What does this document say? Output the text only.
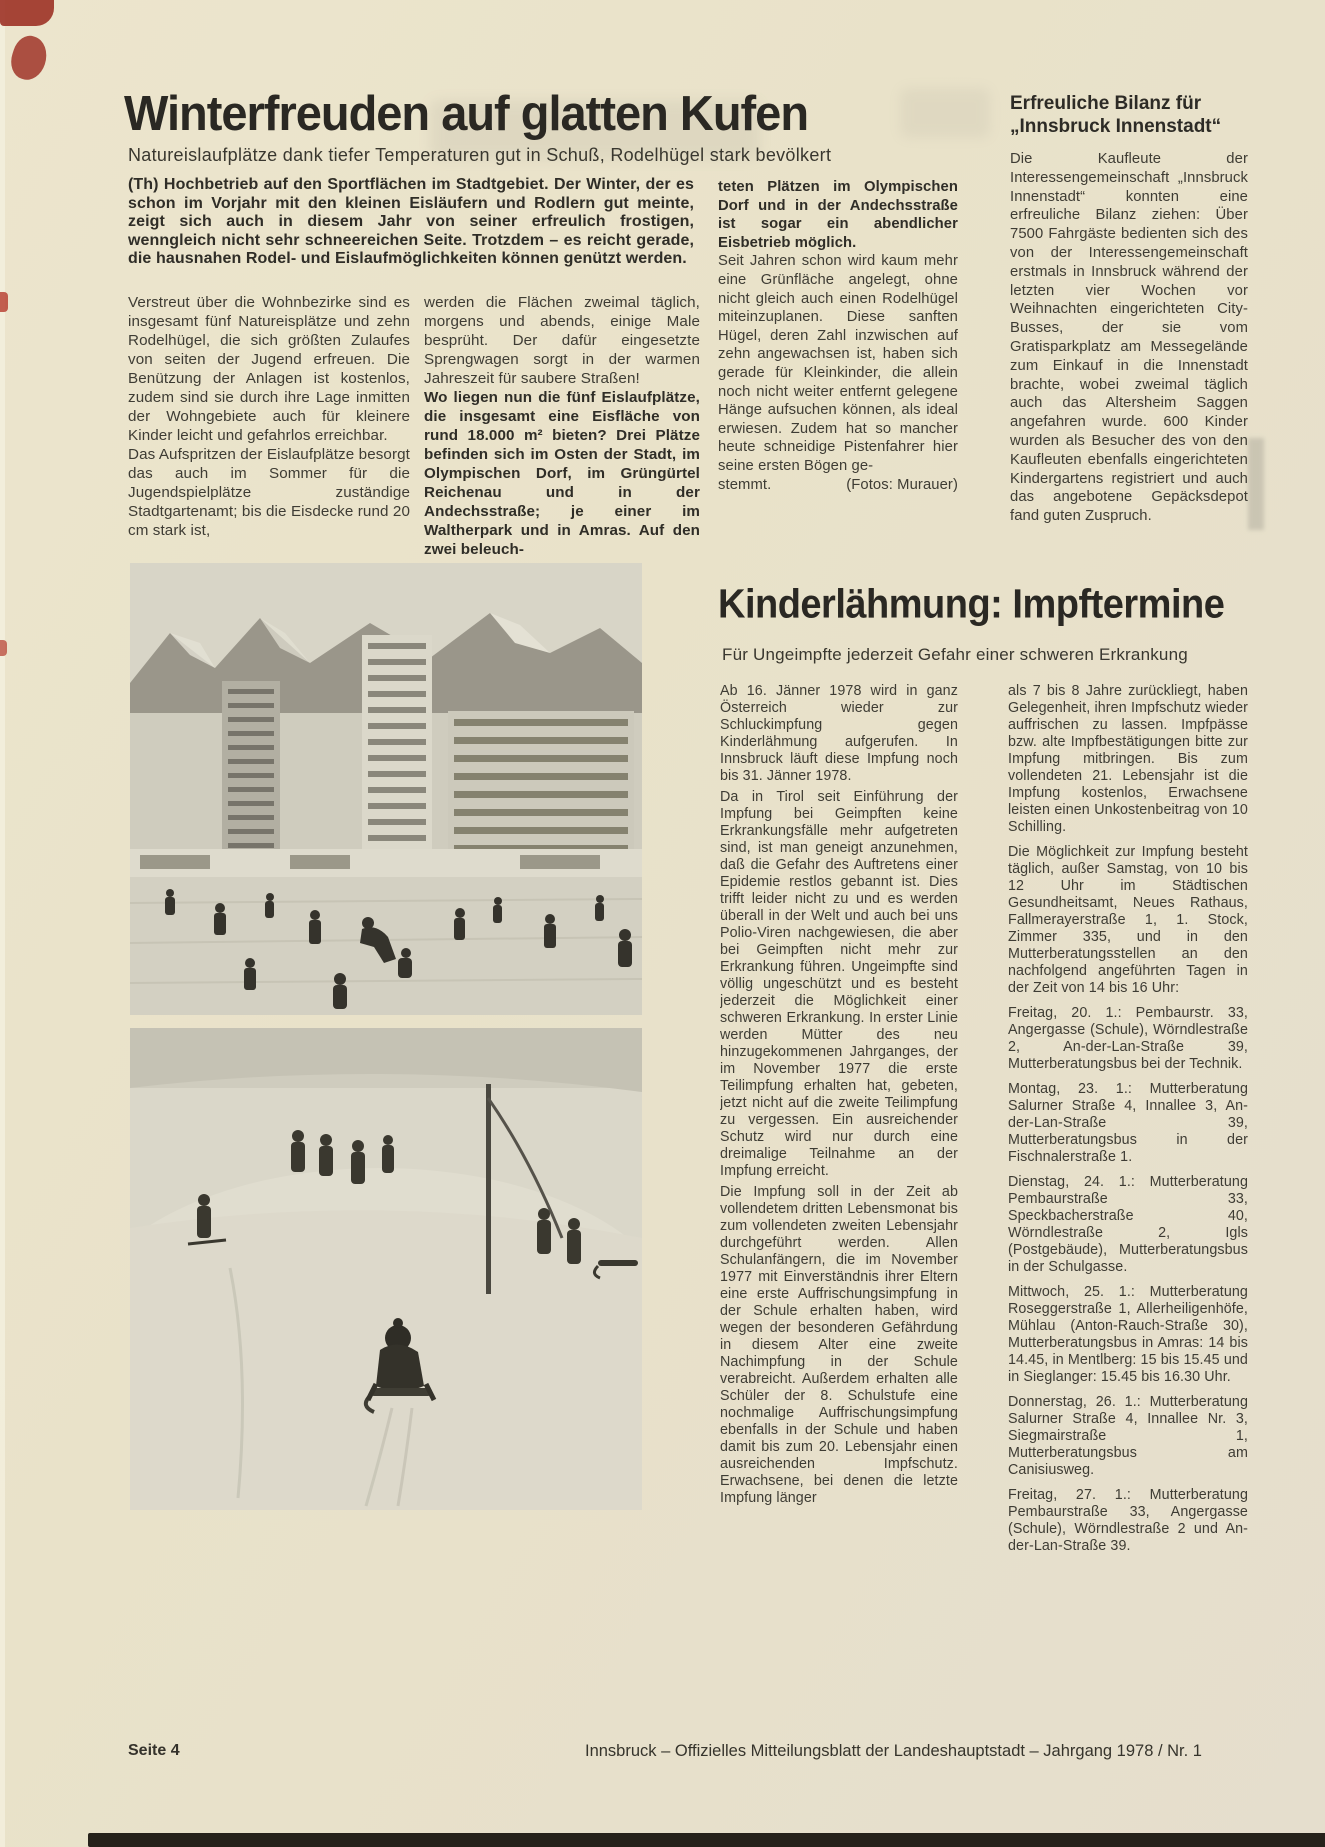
Winterfreuden auf glatten Kufen
Natureislaufplätze dank tiefer Temperaturen gut in Schuß, Rodelhügel stark bevölkert
(Th) Hochbetrieb auf den Sportflächen im Stadtgebiet. Der Winter, der es schon im Vorjahr mit den kleinen Eisläufern und Rodlern gut meinte, zeigt sich auch in diesem Jahr von seiner erfreulich frostigen, wenngleich nicht sehr schneereichen Seite. Trotzdem – es reicht gerade, die hausnahen Rodel- und Eislaufmöglichkeiten können genützt werden.

Verstreut über die Wohnbezirke sind es insgesamt fünf Natureisplätze und zehn Rodelhügel, die sich größten Zulaufes von seiten der Jugend erfreuen. Die Benützung der Anlagen ist kostenlos, zudem sind sie durch ihre Lage inmitten der Wohngebiete auch für kleinere Kinder leicht und gefahrlos erreichbar.

Das Aufspritzen der Eislaufplätze besorgt das auch im Sommer für die Jugendspielplätze zuständige Stadtgartenamt; bis die Eisdecke rund 20 cm stark ist,

werden die Flächen zweimal täglich, morgens und abends, einige Male besprüht. Der dafür eingesetzte Sprengwagen sorgt in der warmen Jahreszeit für saubere Straßen!

Wo liegen nun die fünf Eislaufplätze, die insgesamt eine Eisfläche von rund 18.000 m² bieten? Drei Plätze befinden sich im Osten der Stadt, im Olympischen Dorf, im Grüngürtel Reichenau und in der Andechsstraße; je einer im Waltherpark und in Amras. Auf den zwei beleuch-

teten Plätzen im Olympischen Dorf und in der Andechsstraße ist sogar ein abendlicher Eisbetrieb möglich.

Seit Jahren schon wird kaum mehr eine Grünfläche angelegt, ohne nicht gleich auch einen Rodelhügel miteinzuplanen. Diese sanften Hügel, deren Zahl inzwischen auf zehn angewachsen ist, haben sich gerade für Kleinkinder, die allein noch nicht weiter entfernt gelegene Hänge aufsuchen können, als ideal erwiesen. Zudem hat so mancher heute schneidige Pistenfahrer hier seine ersten Bögen ge-

stemmt.	(Fotos: Murauer)
Erfreuliche Bilanz für
„Innsbruck Innenstadt“

Die Kaufleute der Interessengemeinschaft „Innsbruck Innenstadt“ konnten eine erfreuliche Bilanz ziehen: Über 7500 Fahrgäste bedienten sich des von der Interessengemeinschaft erstmals in Innsbruck während der letzten vier Wochen vor Weihnachten eingerichteten City-Busses, der sie vom Gratisparkplatz am Messegelände zum Einkauf in die Innenstadt brachte, wobei zweimal täglich auch das Altersheim Saggen angefahren wurde. 600 Kinder wurden als Besucher des von den Kaufleuten ebenfalls eingerichteten Kindergartens registriert und auch das angebotene Gepäcksdepot fand guten Zuspruch.

Kinderlähmung: Impftermine
Für Ungeimpfte jederzeit Gefahr einer schweren Erkrankung

Ab 16. Jänner 1978 wird in ganz Österreich wieder zur Schluckimpfung gegen Kinderlähmung aufgerufen. In Innsbruck läuft diese Impfung noch bis 31. Jänner 1978.

Da in Tirol seit Einführung der Impfung bei Geimpften keine Erkrankungsfälle mehr aufgetreten sind, ist man geneigt anzunehmen, daß die Gefahr des Auftretens einer Epidemie restlos gebannt ist. Dies trifft leider nicht zu und es werden überall in der Welt und auch bei uns Polio-Viren nachgewiesen, die aber bei Geimpften nicht mehr zur Erkrankung führen. Ungeimpfte sind völlig ungeschützt und es besteht jederzeit die Möglichkeit einer schweren Erkrankung. In erster Linie werden Mütter des neu hinzugekommenen Jahrganges, der im November 1977 die erste Teilimpfung erhalten hat, gebeten, jetzt nicht auf die zweite Teilimpfung zu vergessen. Ein ausreichender Schutz wird nur durch eine dreimalige Teilnahme an der Impfung erreicht.

Die Impfung soll in der Zeit ab vollendetem dritten Lebensmonat bis zum vollendeten zweiten Lebensjahr durchgeführt werden. Allen Schulanfängern, die im November 1977 mit Einverständnis ihrer Eltern eine erste Auffrischungsimpfung in der Schule erhalten haben, wird wegen der besonderen Gefährdung in diesem Alter eine zweite Nachimpfung in der Schule verabreicht. Außerdem erhalten alle Schüler der 8. Schulstufe eine nochmalige Auffrischungsimpfung ebenfalls in der Schule und haben damit bis zum 20. Lebensjahr einen ausreichenden Impfschutz. Erwachsene, bei denen die letzte Impfung länger

als 7 bis 8 Jahre zurückliegt, haben Gelegenheit, ihren Impfschutz wieder auffrischen zu lassen. Impfpässe bzw. alte Impfbestätigungen bitte zur Impfung mitbringen. Bis zum vollendeten 21. Lebensjahr ist die Impfung kostenlos, Erwachsene leisten einen Unkostenbeitrag von 10 Schilling.

Die Möglichkeit zur Impfung besteht täglich, außer Samstag, von 10 bis 12 Uhr im Städtischen Gesundheitsamt, Neues Rathaus, Fallmerayerstraße 1, 1. Stock, Zimmer 335, und in den Mutterberatungsstellen an den nachfolgend angeführten Tagen in der Zeit von 14 bis 16 Uhr:

Freitag, 20. 1.: Pembaurstr. 33, Angergasse (Schule), Wörndlestraße 2, An-der-Lan-Straße 39, Mutterberatungsbus bei der Technik.

Montag, 23. 1.: Mutterberatung Salurner Straße 4, Innallee 3, An-der-Lan-Straße 39, Mutterberatungsbus in der Fischnalerstraße 1.

Dienstag, 24. 1.: Mutterberatung Pembaurstraße 33, Speckbacherstraße 40, Wörndlestraße 2, Igls (Postgebäude), Mutterberatungsbus in der Schulgasse.

Mittwoch, 25. 1.: Mutterberatung Roseggerstraße 1, Allerheiligenhöfe, Mühlau (Anton-Rauch-Straße 30), Mutterberatungsbus in Amras: 14 bis 14.45, in Mentlberg: 15 bis 15.45 und in Sieglanger: 15.45 bis 16.30 Uhr.

Donnerstag, 26. 1.: Mutterberatung Salurner Straße 4, Innallee Nr. 3, Siegmairstraße 1, Mutterberatungsbus am Canisiusweg.

Freitag, 27. 1.: Mutterberatung Pembaurstraße 33, Angergasse (Schule), Wörndlestraße 2 und An-der-Lan-Straße 39.

Seite 4	Innsbruck – Offizielles Mitteilungsblatt der Landeshauptstadt – Jahrgang 1978 / Nr. 1
